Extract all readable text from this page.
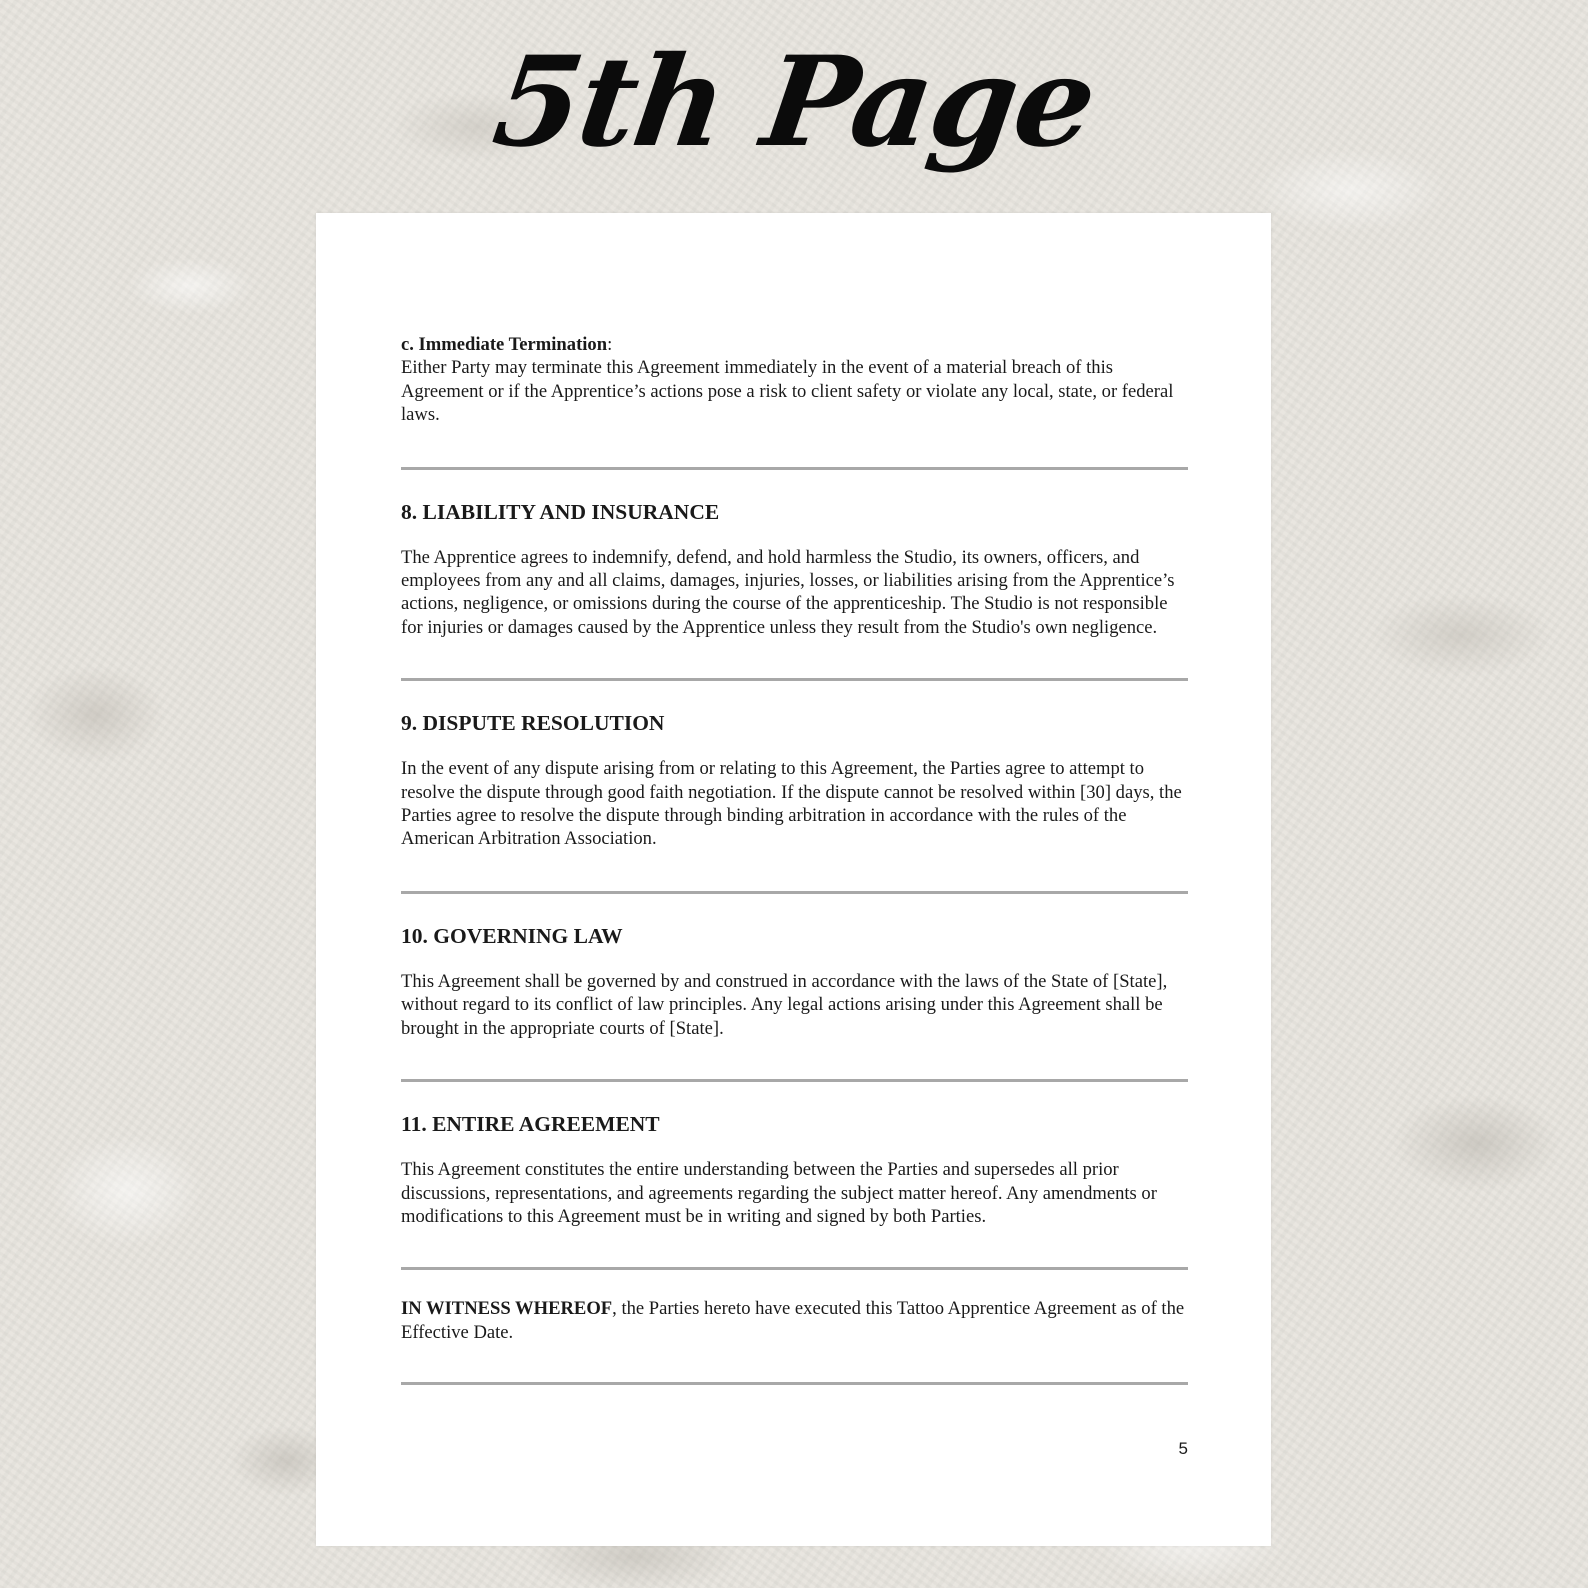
5th Page

c. Immediate Termination:
Either Party may terminate this Agreement immediately in the event of a material breach of this Agreement or if the Apprentice’s actions pose a risk to client safety or violate any local, state, or federal laws.

8. LIABILITY AND INSURANCE

The Apprentice agrees to indemnify, defend, and hold harmless the Studio, its owners, officers, and employees from any and all claims, damages, injuries, losses, or liabilities arising from the Apprentice’s actions, negligence, or omissions during the course of the apprenticeship. The Studio is not responsible for injuries or damages caused by the Apprentice unless they result from the Studio's own negligence.

9. DISPUTE RESOLUTION

In the event of any dispute arising from or relating to this Agreement, the Parties agree to attempt to resolve the dispute through good faith negotiation. If the dispute cannot be resolved within [30] days, the Parties agree to resolve the dispute through binding arbitration in accordance with the rules of the American Arbitration Association.

10. GOVERNING LAW

This Agreement shall be governed by and construed in accordance with the laws of the State of [State], without regard to its conflict of law principles. Any legal actions arising under this Agreement shall be brought in the appropriate courts of [State].

11. ENTIRE AGREEMENT

This Agreement constitutes the entire understanding between the Parties and supersedes all prior discussions, representations, and agreements regarding the subject matter hereof. Any amendments or modifications to this Agreement must be in writing and signed by both Parties.

IN WITNESS WHEREOF, the Parties hereto have executed this Tattoo Apprentice Agreement as of the Effective Date.

5
